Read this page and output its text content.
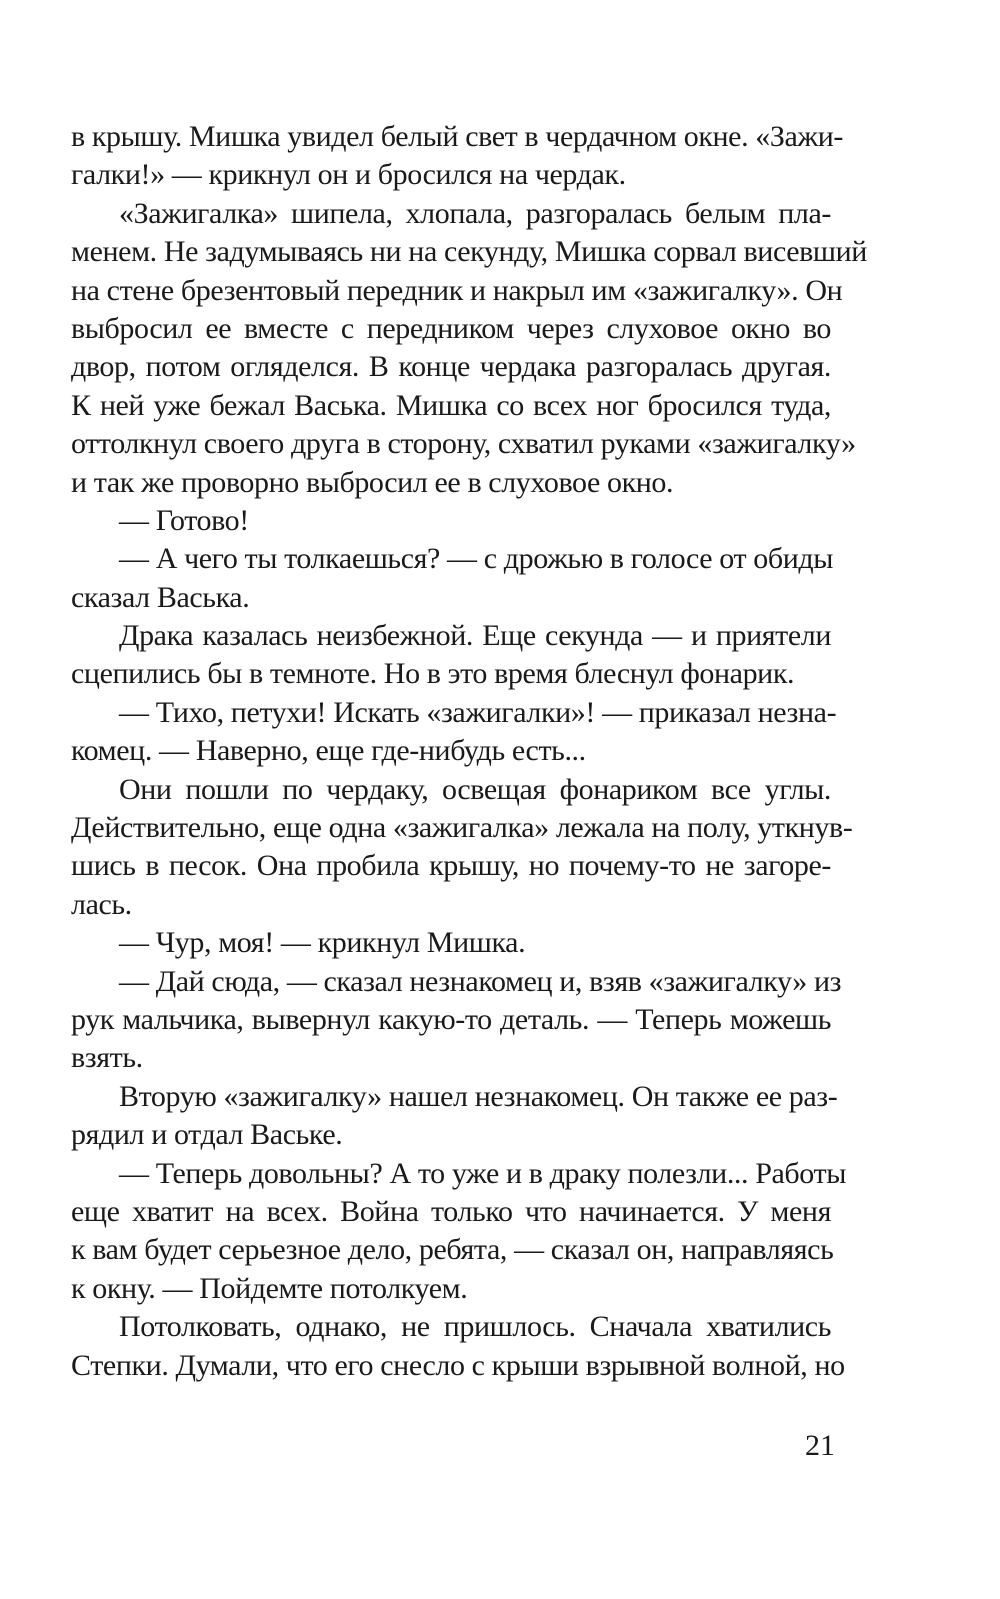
в крышу. Мишка увидел белый свет в чердачном окне. «Зажи-
галки!» — крикнул он и бросился на чердак.
«Зажигалка» шипела, хлопала, разгоралась белым пла-
менем. Не задумываясь ни на секунду, Мишка сорвал висевший
на стене брезентовый передник и накрыл им «зажигалку». Он
выбросил ее вместе с передником через слуховое окно во
двор, потом огляделся. В конце чердака разгоралась другая.
К ней уже бежал Васька. Мишка со всех ног бросился туда,
оттолкнул своего друга в сторону, схватил руками «зажигалку»
и так же проворно выбросил ее в слуховое окно.
— Готово!
— А чего ты толкаешься? — с дрожью в голосе от обиды
сказал Васька.
Драка казалась неизбежной. Еще секунда — и приятели
сцепились бы в темноте. Но в это время блеснул фонарик.
— Тихо, петухи! Искать «зажигалки»! — приказал незна-
комец. — Наверно, еще где-нибудь есть...
Они пошли по чердаку, освещая фонариком все углы.
Действительно, еще одна «зажигалка» лежала на полу, уткнув-
шись в песок. Она пробила крышу, но почему-то не загоре-
лась.
— Чур, моя! — крикнул Мишка.
— Дай сюда, — сказал незнакомец и, взяв «зажигалку» из
рук мальчика, вывернул какую-то деталь. — Теперь можешь
взять.
Вторую «зажигалку» нашел незнакомец. Он также ее раз-
рядил и отдал Ваське.
— Теперь довольны? А то уже и в драку полезли... Работы
еще хватит на всех. Война только что начинается. У меня
к вам будет серьезное дело, ребята, — сказал он, направляясь
к окну. — Пойдемте потолкуем.
Потолковать, однако, не пришлось. Сначала хватились
Степки. Думали, что его снесло с крыши взрывной волной, но
21
